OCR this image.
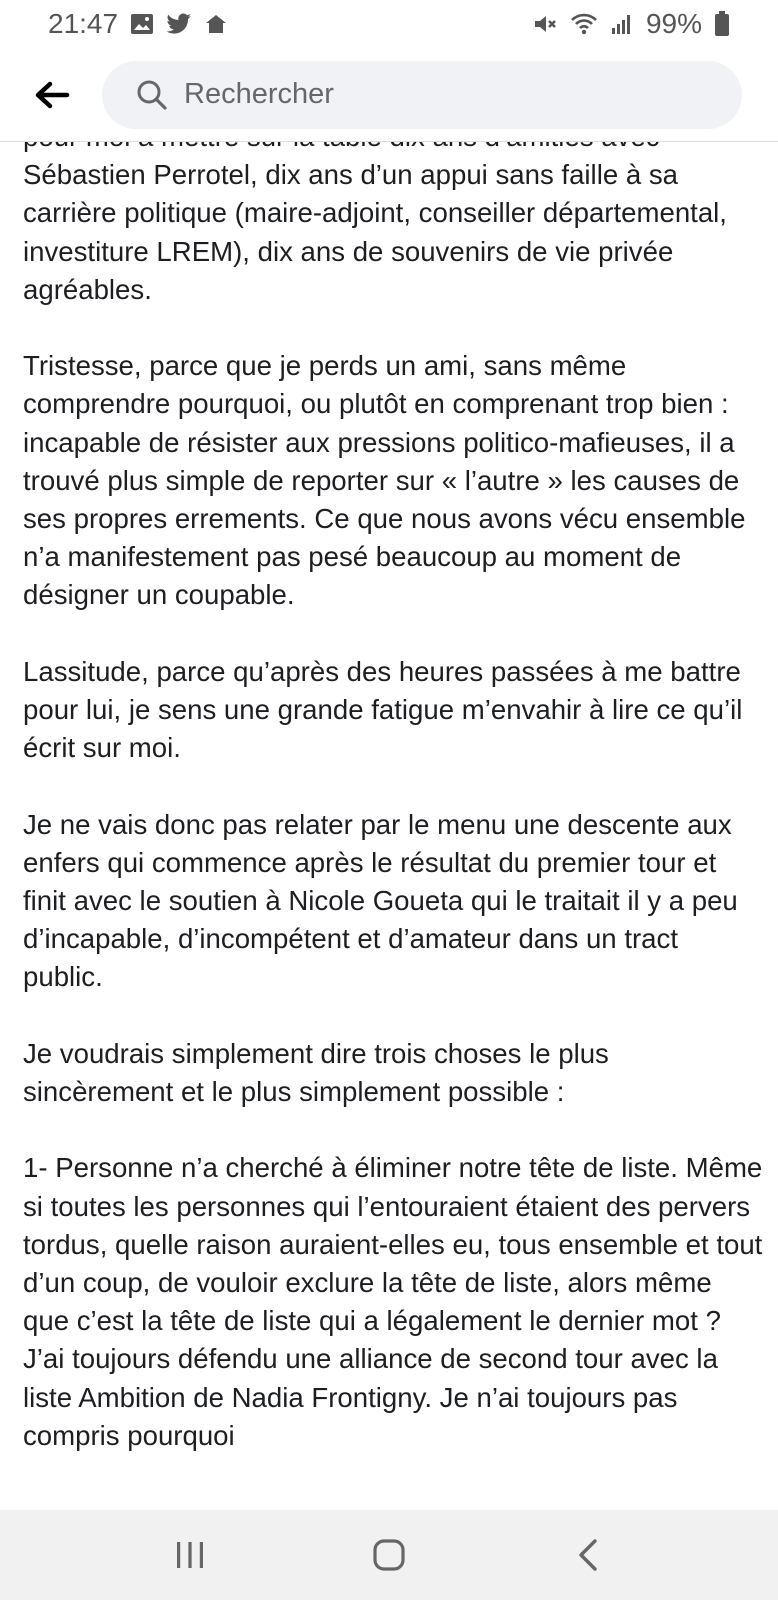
21:47	99%
Rechercher

Sébastien Perrotel, dix ans d’un appui sans faille à sa carrière politique (maire-adjoint, conseiller départemental, investiture LREM), dix ans de souvenirs de vie privée agréables.

Tristesse, parce que je perds un ami, sans même comprendre pourquoi, ou plutôt en comprenant trop bien : incapable de résister aux pressions politico-mafieuses, il a trouvé plus simple de reporter sur « l’autre » les causes de ses propres errements. Ce que nous avons vécu ensemble n’a manifestement pas pesé beaucoup au moment de désigner un coupable.

Lassitude, parce qu’après des heures passées à me battre pour lui, je sens une grande fatigue m’envahir à lire ce qu’il écrit sur moi.

Je ne vais donc pas relater par le menu une descente aux enfers qui commence après le résultat du premier tour et finit avec le soutien à Nicole Goueta qui le traitait il y a peu d’incapable, d’incompétent et d’amateur dans un tract public.

Je voudrais simplement dire trois choses le plus sincèrement et le plus simplement possible :

1- Personne n’a cherché à éliminer notre tête de liste. Même si toutes les personnes qui l’entouraient étaient des pervers tordus, quelle raison auraient-elles eu, tous ensemble et tout d’un coup, de vouloir exclure la tête de liste, alors même que c’est la tête de liste qui a légalement le dernier mot ? J’ai toujours défendu une alliance de second tour avec la liste Ambition de Nadia Frontigny. Je n’ai toujours pas compris pourquoi
